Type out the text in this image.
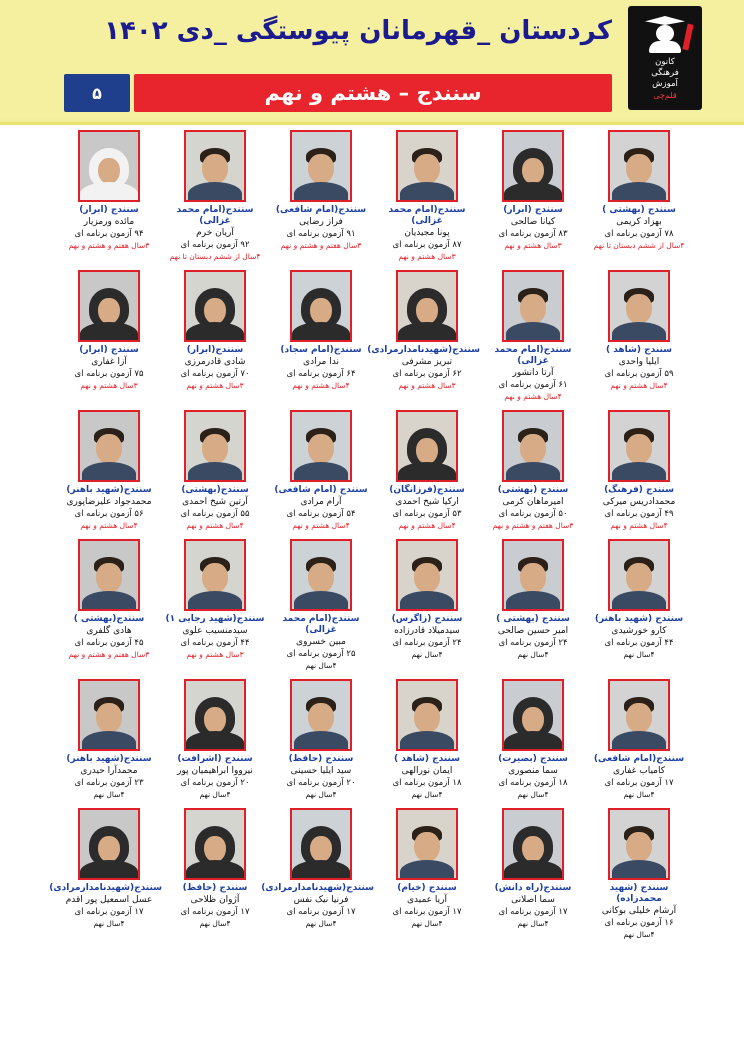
کانون
فرهنگی
آموزش
قلم‌چی
کردستان _قهرمانان پیوستگی _دی ۱۴۰۲
۵	سنندج – هشتم و نهم
سنندج (بهشتی )
بهزاد کریمی
۷۸ آزمون برنامه ای
۴سال از ششم دبستان تا نهم
سنندج (ابرار)
کیانا صالحی
۸۳ آزمون برنامه ای
۳سال هشتم و نهم
سنندج(امام محمد غزالی)
پونا مجیدیان
۸۷ آزمون برنامه ای
۳سال هشتم و نهم
سنندج(امام شافعی)
فراز رضایی
۹۱ آزمون برنامه ای
۳سال هفتم و هشتم و نهم
سنندج(امام محمد غزالی)
آریان خرم
۹۲ آزمون برنامه ای
۴سال از ششم دبستان تا نهم
سنندج (ابرار)
مائده ورمزیار
۹۴ آزمون برنامه ای
۳سال هفتم و هشتم و نهم
سنندج (شاهد )
ایلیا واحدی
۵۹ آزمون برنامه ای
۴سال هشتم و نهم
سنندج(امام محمد غزالی)
آرتا دانشور
۶۱ آزمون برنامه ای
۴سال هشتم و نهم
سنندج(شهیدنامدارمرادی)
تبریز مشرفی
۶۲ آزمون برنامه ای
۳سال هشتم و نهم
سنندج(امام سجاد)
ندا مرادی
۶۴ آزمون برنامه ای
۴سال هشتم و نهم
سنندج(ابرار)
شادی قادرمرزی
۷۰ آزمون برنامه ای
۳سال هشتم و نهم
سنندج (ابرار)
آزا غفاری
۷۵ آزمون برنامه ای
۳سال هشتم و نهم
سنندج (فرهنگ)
محمدادریس میرکی
۴۹ آزمون برنامه ای
۴سال هشتم و نهم
سنندج (بهشتی)
امیرماهان کرمی
۵۰ آزمون برنامه ای
۳سال هفتم و هشتم و نهم
سنندج(فرزانگان)
ارکیا شیخ احمدی
۵۳ آزمون برنامه ای
۴سال هشتم و نهم
سنندج (امام شافعی)
آرام مرادی
۵۴ آزمون برنامه ای
۴سال هشتم و نهم
سنندج(بهشتی)
آرتین شیخ احمدی
۵۵ آزمون برنامه ای
۴سال هشتم و نهم
سنندج(شهید باهنر)
محمدجواد علیرضاپوری
۵۶ آزمون برنامه ای
۴سال هشتم و نهم
سنندج (شهید باهنر)
کارو خورشیدی
۴۴ آزمون برنامه ای
۴سال نهم
سنندج (بهشتی )
امیر حسین صالحی
۲۴ آزمون برنامه ای
۴سال نهم
سنندج (زاگرس)
سیدمیلاد قادرزاده
۲۴ آزمون برنامه ای
۴سال نهم
سنندج(امام محمد غزالی)
مبین خسروی
۲۵ آزمون برنامه ای
۴سال نهم
سنندج(شهید رجایی ۱)
سیدمنسیب علوی
۴۴ آزمون برنامه ای
۳سال هشتم و نهم
سنندج(بهشتی )
هادی گلفری
۴۵ آزمون برنامه ای
۳سال هفتم و هشتم و نهم
سنندج(امام شافعی)
کامیاب غفاری
۱۷ آزمون برنامه ای
۴سال نهم
سنندج (بصیرت)
سما منصوری
۱۸ آزمون برنامه ای
۴سال نهم
سنندج (شاهد )
ایمان نورالهی
۱۸ آزمون برنامه ای
۴سال نهم
سنندج (حافظ)
سید ایلیا حسینی
۲۰ آزمون برنامه ای
۴سال نهم
سنندج (اشرافت)
نیرووا ابراهیمیان پور
۲۰ آزمون برنامه ای
۴سال نهم
سنندج(شهید باهنر)
محمدآرا حیدری
۲۳ آزمون برنامه ای
۴سال نهم
سنندج (شهید محمدزاده)
آرشام خلیلی بوکانی
۱۶ آزمون برنامه ای
۴سال نهم
سنندج(راه دانش)
سما اصلانی
۱۷ آزمون برنامه ای
۴سال نهم
سنندج (خیام)
آریا عمیدی
۱۷ آزمون برنامه ای
۴سال نهم
سنندج(شهیدنامدارمرادی)
فرنیا نیک نفس
۱۷ آزمون برنامه ای
۴سال نهم
سنندج (حافظ)
آژوان ظلاحی
۱۷ آزمون برنامه ای
۴سال نهم
سنندج(شهیدنامدارمرادی)
عسل اسمعیل پور اقدم
۱۷ آزمون برنامه ای
۴سال نهم
